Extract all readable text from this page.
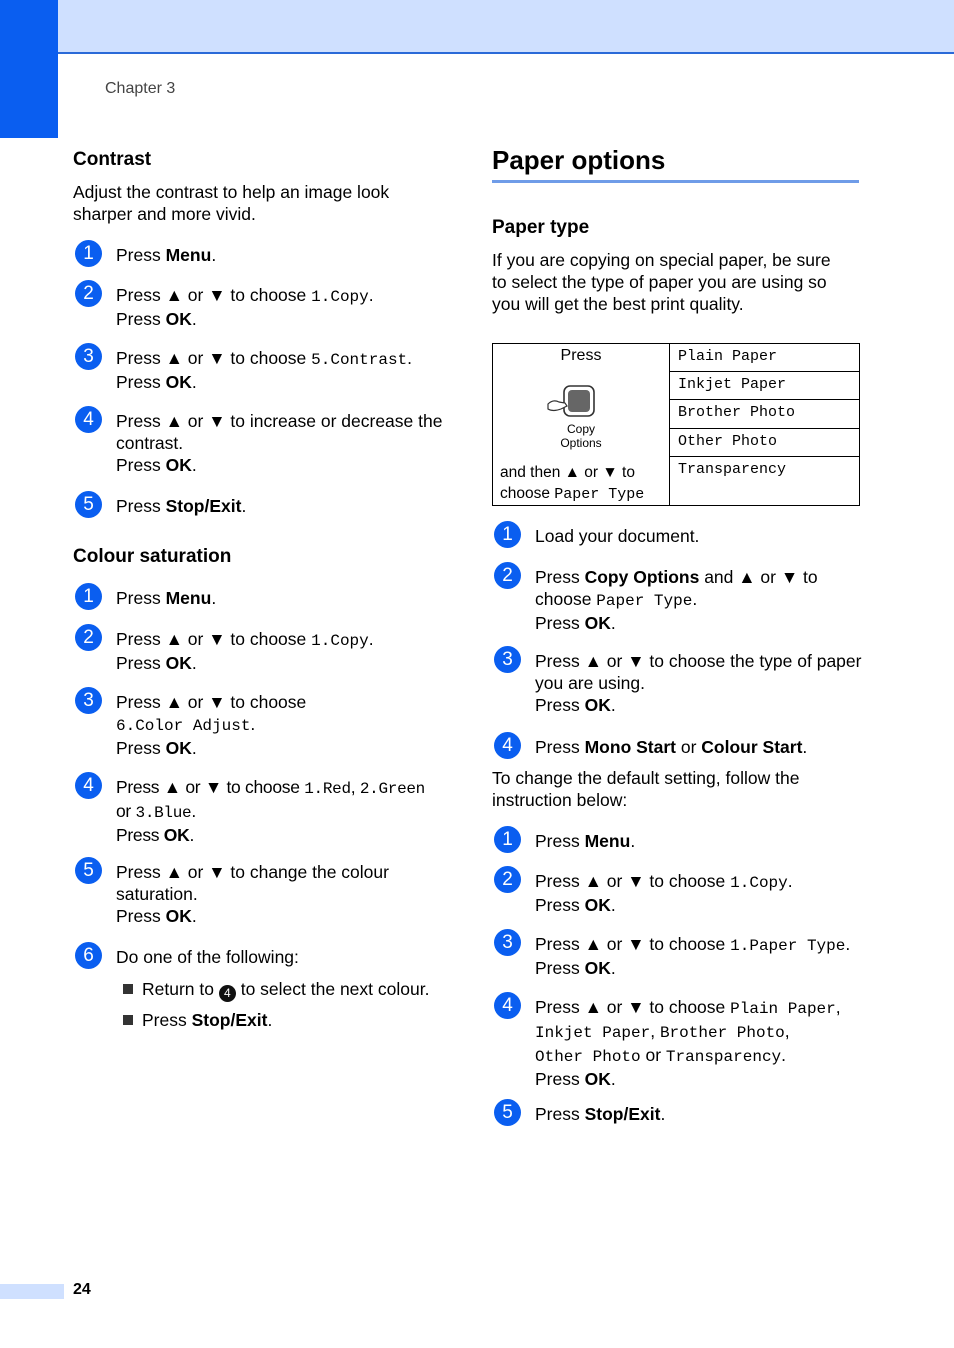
Chapter 3
Contrast
Adjust the contrast to help an image look
sharper and more vivid.
1	Press Menu.
2	Press ▲ or ▼ to choose 1.Copy.
Press OK.
3	Press ▲ or ▼ to choose 5.Contrast.
Press OK.
4	Press ▲ or ▼ to increase or decrease the
contrast.
Press OK.
5	Press Stop/Exit.
Colour saturation
1	Press Menu.
2	Press ▲ or ▼ to choose 1.Copy.
Press OK.
3	Press ▲ or ▼ to choose
6.Color Adjust.
Press OK.
4	Press ▲ or ▼ to choose 1.Red, 2.Green
or 3.Blue.
Press OK.
5	Press ▲ or ▼ to change the colour
saturation.
Press OK.
6	Do one of the following:
Return to 4 to select the next colour.
Press Stop/Exit.
Paper options
Paper type
If you are copying on special paper, be sure
to select the type of paper you are using so
you will get the best print quality.
Press
Copy
Options
and then ▲ or ▼ to
choose Paper Type
	Plain Paper
Inkjet Paper
Brother Photo
Other Photo
Transparency
1	Load your document.
2	Press Copy Options and ▲ or ▼ to
choose Paper Type.
Press OK.
3	Press ▲ or ▼ to choose the type of paper
you are using.
Press OK.
4	Press Mono Start or Colour Start.
To change the default setting, follow the
instruction below:
1	Press Menu.
2	Press ▲ or ▼ to choose 1.Copy.
Press OK.
3	Press ▲ or ▼ to choose 1.Paper Type.
Press OK.
4	Press ▲ or ▼ to choose Plain Paper,
Inkjet Paper, Brother Photo,
Other Photo or Transparency.
Press OK.
5	Press Stop/Exit.
24
